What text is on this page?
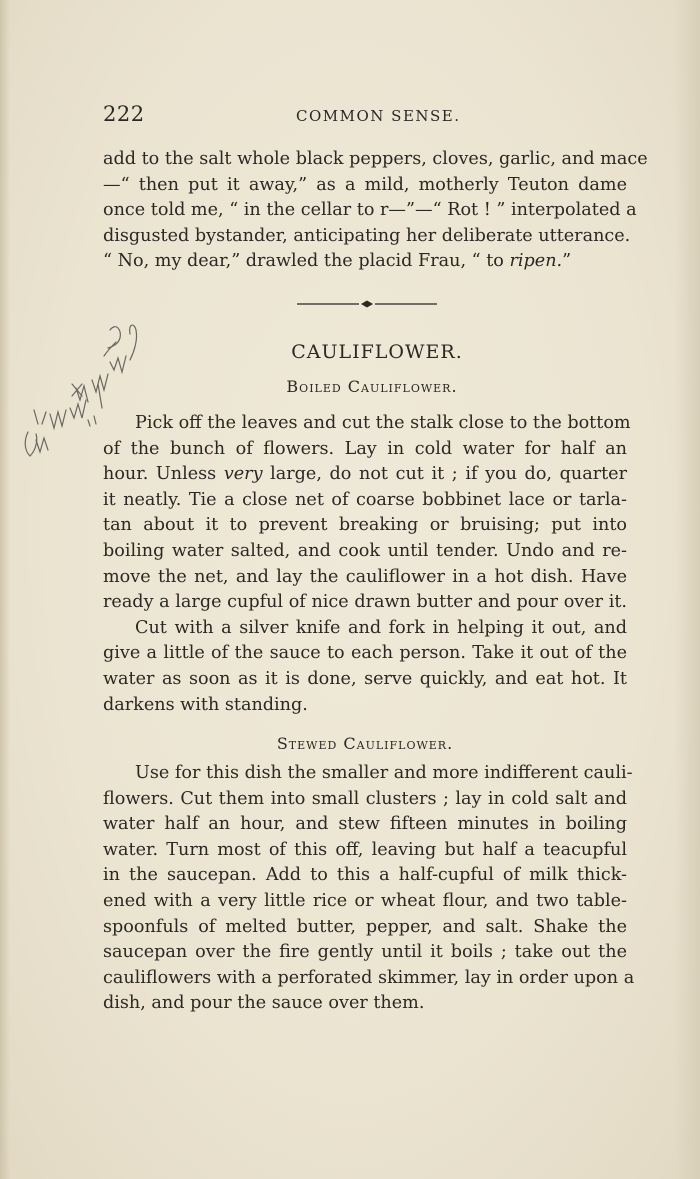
222	COMMON SENSE.
add to the salt whole black peppers, cloves, garlic, and mace
—“ then put it away,” as a mild, motherly Teuton dame
once told me, “ in the cellar to r—”—“ Rot ! ” interpolated a
disgusted bystander, anticipating her deliberate utterance.
“ No, my dear,” drawled the placid Frau, “ to ripen.”
CAULIFLOWER.
Boiled Cauliflower.
Pick off the leaves and cut the stalk close to the bottom
of the bunch of flowers. Lay in cold water for half an
hour. Unless very large, do not cut it ; if you do, quarter
it neatly. Tie a close net of coarse bobbinet lace or tarla-
tan about it to prevent breaking or bruising; put into
boiling water salted, and cook until tender. Undo and re-
move the net, and lay the cauliflower in a hot dish. Have
ready a large cupful of nice drawn butter and pour over it.
Cut with a silver knife and fork in helping it out, and
give a little of the sauce to each person. Take it out of the
water as soon as it is done, serve quickly, and eat hot. It
darkens with standing.
Stewed Cauliflower.
Use for this dish the smaller and more indifferent cauli-
flowers. Cut them into small clusters ; lay in cold salt and
water half an hour, and stew fifteen minutes in boiling
water. Turn most of this off, leaving but half a teacupful
in the saucepan. Add to this a half-cupful of milk thick-
ened with a very little rice or wheat flour, and two table-
spoonfuls of melted butter, pepper, and salt. Shake the
saucepan over the fire gently until it boils ; take out the
cauliflowers with a perforated skimmer, lay in order upon a
dish, and pour the sauce over them.
